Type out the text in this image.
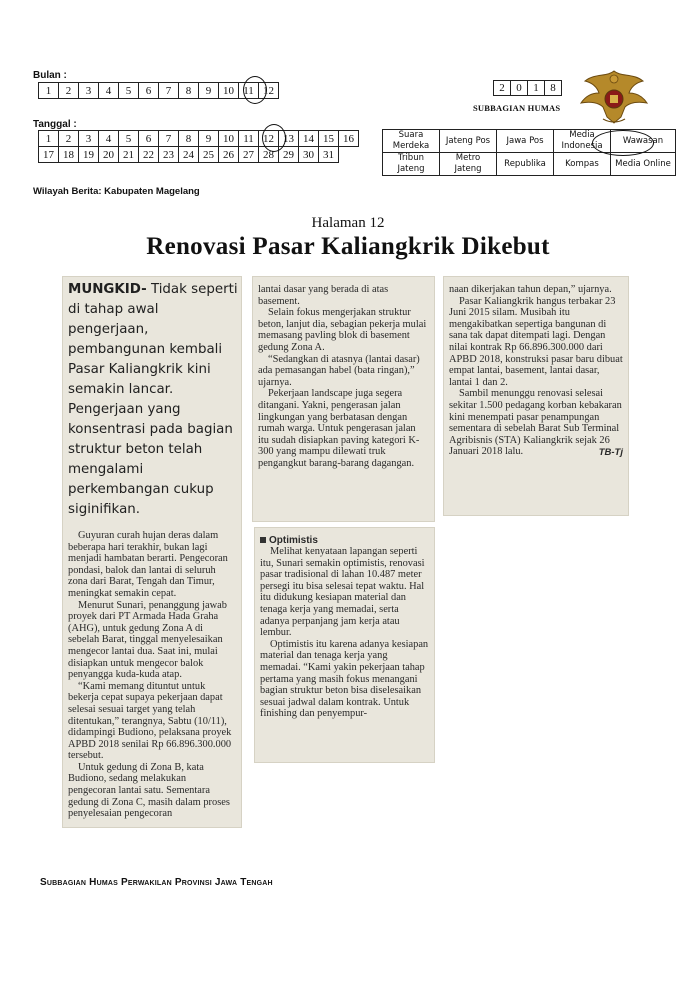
Bulan :
1	2	3	4	5	6	7	8	9	10	11	12
Tanggal :
1	2	3	4	5	6	7	8	9	10	11	12	13	14	15	16
17	18	19	20	21	22	23	24	25	26	27	28	29	30	31	
Wilayah Berita: Kabupaten Magelang
2	0	1	8
SUBBAGIAN HUMAS
Suara Merdeka	Jateng Pos	Jawa Pos	Media Indonesia	Wawasan
Tribun Jateng	Metro Jateng	Republika	Kompas	Media Online
Halaman 12
Renovasi Pasar Kaliangkrik Dikebut

MUNGKID- Tidak seperti di tahap awal pengerjaan, pembangunan kembali Pasar Kaliangkrik kini semakin lancar. Pengerjaan yang konsentrasi pada bagian struktur beton telah mengalami perkembangan cukup siginifikan.

Guyuran curah hujan deras dalam beberapa hari terakhir, bukan lagi menjadi hambatan berarti. Pengecoran pondasi, balok dan lantai di seluruh zona dari Barat, Tengah dan Timur, meningkat semakin cepat.

Menurut Sunari, penanggung jawab proyek dari PT Armada Hada Graha (AHG), untuk gedung Zona A di sebelah Barat, tinggal menyelesaikan mengecor lantai dua. Saat ini, mulai disiapkan untuk mengecor balok penyangga kuda-kuda atap.

“Kami memang dituntut untuk bekerja cepat supaya pekerjaan dapat selesai sesuai target yang telah ditentukan,” terangnya, Sabtu (10/11), didampingi Budiono, pelaksana proyek APBD 2018 senilai Rp 66.896.300.000 tersebut.

Untuk gedung di Zona B, kata Budiono, sedang melakukan pengecoran lantai satu. Sementara gedung di Zona C, masih dalam proses penyelesaian pengecoran

lantai dasar yang berada di atas basement.

Selain fokus mengerjakan struktur beton, lanjut dia, sebagian pekerja mulai memasang pavling blok di basement gedung Zona A.

“Sedangkan di atasnya (lantai dasar) ada pemasangan habel (bata ringan),” ujarnya.

Pekerjaan landscape juga segera ditangani. Yakni, pengerasan jalan lingkungan yang berbatasan dengan rumah warga. Untuk pengerasan jalan itu sudah disiapkan paving kategori K-300 yang mampu dilewati truk pengangkut barang-barang dagangan.

Optimistis

Melihat kenyataan lapangan seperti itu, Sunari semakin optimistis, renovasi pasar tradisional di lahan 10.487 meter persegi itu bisa selesai tepat waktu. Hal itu didukung kesiapan material dan tenaga kerja yang memadai, serta adanya perpanjang jam kerja atau lembur.

Optimistis itu karena adanya kesiapan material dan tenaga kerja yang memadai. “Kami yakin pekerjaan tahap pertama yang masih fokus menangani bagian struktur beton bisa diselesaikan sesuai jadwal dalam kontrak. Untuk finishing dan penyempur-

naan dikerjakan tahun depan,” ujarnya.

Pasar Kaliangkrik hangus terbakar 23 Juni 2015 silam. Musibah itu mengakibatkan sepertiga bangunan di sana tak dapat ditempati lagi. Dengan nilai kontrak Rp 66.896.300.000 dari APBD 2018, konstruksi pasar baru dibuat empat lantai, basement, lantai dasar, lantai 1 dan 2.

Sambil menunggu renovasi selesai sekitar 1.500 pedagang korban kebakaran kini menempati pasar penampungan sementara di sebelah Barat Sub Terminal Agribisnis (STA) Kaliangkrik sejak 26 Januari 2018 lalu.	TB-Tj

Subbagian Humas Perwakilan Provinsi Jawa Tengah
